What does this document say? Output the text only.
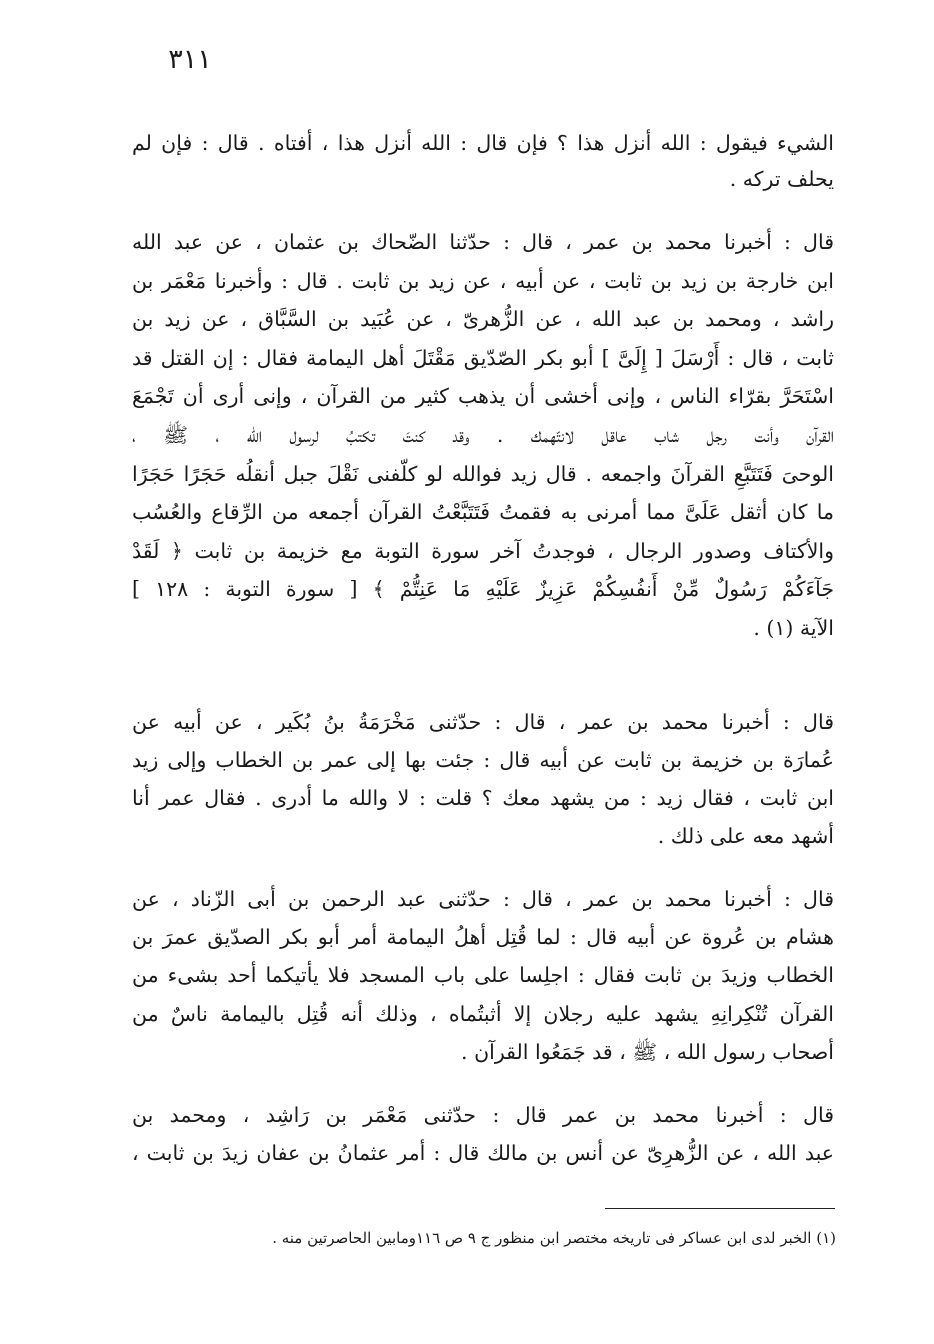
٣١١
الشيء فيقول : الله أنزل هذا ؟ فإن قال : الله أنزل هذا ، أفتاه . قال : فإن لم
يحلف تركه .
قال : أخبرنا محمد بن عمر ، قال : حدّثنا الضّحاك بن عثمان ، عن عبد الله
ابن خارجة بن زيد بن ثابت ، عن أبيه ، عن زيد بن ثابت . قال : وأخبرنا مَعْمَر بن
راشد ، ومحمد بن عبد الله ، عن الزُّهرىّ ، عن عُبَيد بن السَّبَّاق ، عن زيد بن
ثابت ، قال : أَرْسَلَ [ إِلَىَّ ] أبو بكر الصّدّيق مَقْتَلَ أهل اليمامة فقال : إن القتل قد
اسْتَحَرَّ بقرّاء الناس ، وإنى أخشى أن يذهب كثير من القرآن ، وإنى أرى أن تَجْمَعَ
القرآن وأنت رجل شاب عاقل لانتّهمك . وقد كنتَ تكتبُ لرسول الله ، ﷺ ،
الوحىَ فَتَتَبَّعِ القرآنَ واجمعه . قال زيد فوالله لو كلّفنى نَقْلَ جبل أنقلُه حَجَرًا حَجَرًا
ما كان أثقل عَلَىَّ مما أمرنى به فقمتُ فَتَتَبَّعْتُ القرآن أجمعه من الرِّقاع والعُسُب
والأكتاف وصدور الرجال ، فوجدتُ آخر سورة التوبة مع خزيمة بن ثابت ﴿ لَقَدْ
جَآءَكُمْ رَسُولٌ مِّنْ أَنفُسِكُمْ عَزِيزٌ عَلَيْهِ مَا عَنِتُّمْ ﴾ [ سورة التوبة : ١٢٨ ]
الآية (١) .
قال : أخبرنا محمد بن عمر ، قال : حدّثنى مَخْرَمَةُ بنُ بُكَير ، عن أبيه عن
عُمارَة بن خزيمة بن ثابت عن أبيه قال : جئت بها إلى عمر بن الخطاب وإلى زيد
ابن ثابت ، فقال زيد : من يشهد معك ؟ قلت : لا والله ما أدرى . فقال عمر أنا
أشهد معه على ذلك .
قال : أخبرنا محمد بن عمر ، قال : حدّثنى عبد الرحمن بن أبى الزّناد ، عن
هشام بن عُروة عن أبيه قال : لما قُتِل أهلُ اليمامة أمر أبو بكر الصدّيق عمرَ بن
الخطاب وزيدَ بن ثابت فقال : اجلِسا على باب المسجد فلا يأتيكما أحد بشىء من
القرآن تُنْكِرانِهِ يشهد عليه رجلان إلا أثبتُماه ، وذلك أنه قُتِل باليمامة ناسٌ من
أصحاب رسول الله ، ﷺ ، قد جَمَعُوا القرآن .
قال : أخبرنا محمد بن عمر قال : حدّثنى مَعْمَر بن رَاشِد ، ومحمد بن
عبد الله ، عن الزُّهرِىّ عن أنس بن مالك قال : أمر عثمانُ بن عفان زيدَ بن ثابت ،
(١) الخبر لدى ابن عساكر فى تاريخه مختصر ابن منظور ج ٩ ص ١١٦ومابين الحاصرتين منه .
